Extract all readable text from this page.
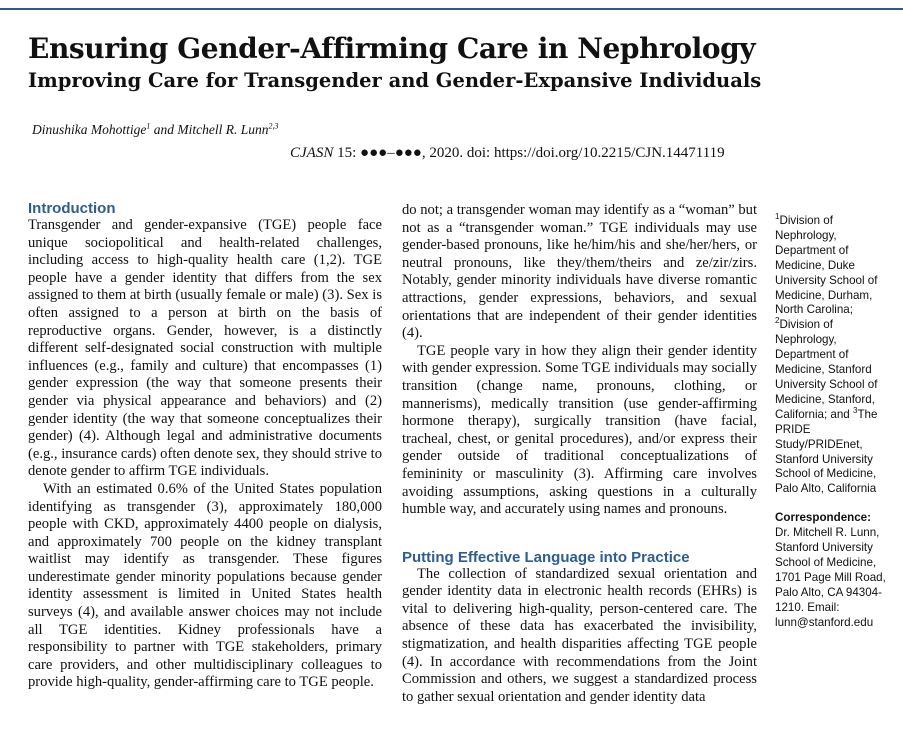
Ensuring Gender-Affirming Care in Nephrology
Improving Care for Transgender and Gender-Expansive Individuals
Dinushika Mohottige$^1$ and Mitchell R. Lunn$^{2,3}$
CJASN 15: ●●●–●●●, 2020. doi: https://doi.org/10.2215/CJN.14471119
Introduction

Transgender and gender-expansive (TGE) people face unique sociopolitical and health-related challenges, including access to high-quality health care (1,2). TGE people have a gender identity that differs from the sex assigned to them at birth (usually female or male) (3). Sex is often assigned to a person at birth on the basis of reproductive organs. Gender, however, is a distinctly different self-designated social construction with multiple influences (e.g., family and culture) that encompasses (1) gender expression (the way that someone presents their gender via physical appearance and behaviors) and (2) gender identity (the way that someone conceptualizes their gender) (4). Although legal and administrative documents (e.g., insurance cards) often denote sex, they should strive to denote gender to affirm TGE individuals.

With an estimated 0.6% of the United States population identifying as transgender (3), approximately 180,000 people with CKD, approximately 4400 people on dialysis, and approximately 700 people on the kidney transplant waitlist may identify as transgender. These figures underestimate gender minority populations because gender identity assessment is limited in United States health surveys (4), and available answer choices may not include all TGE identities. Kidney professionals have a responsibility to partner with TGE stakeholders, primary care providers, and other multidisciplinary colleagues to provide high-quality, gender-affirming care to TGE people.

do not; a transgender woman may identify as a “woman” but not as a “transgender woman.” TGE individuals may use gender-based pronouns, like he/him/his and she/her/hers, or neutral pronouns, like they/them/theirs and ze/zir/zirs. Notably, gender minority individuals have diverse romantic attractions, gender expressions, behaviors, and sexual orientations that are independent of their gender identities (4).

TGE people vary in how they align their gender identity with gender expression. Some TGE individuals may socially transition (change name, pronouns, clothing, or mannerisms), medically transition (use gender-affirming hormone therapy), surgically transition (have facial, tracheal, chest, or genital procedures), and/or express their gender outside of traditional conceptualizations of femininity or masculinity (3). Affirming care involves avoiding assumptions, asking questions in a culturally humble way, and accurately using names and pronouns.

Putting Effective Language into Practice

The collection of standardized sexual orientation and gender identity data in electronic health records (EHRs) is vital to delivering high-quality, person-centered care. The absence of these data has exacerbated the invisibility, stigmatization, and health disparities affecting TGE people (4). In accordance with recommendations from the Joint Commission and others, we suggest a standardized process to gather sexual orientation and gender identity data

$^1$Division of Nephrology, Department of Medicine, Duke University School of Medicine, Durham, North Carolina; $^2$Division of Nephrology, Department of Medicine, Stanford University School of Medicine, Stanford, California; and $^3$The PRIDE Study/PRIDEnet, Stanford University School of Medicine, Palo Alto, California
Correspondence:
Dr. Mitchell R. Lunn, Stanford University School of Medicine, 1701 Page Mill Road, Palo Alto, CA 94304-1210. Email: lunn@stanford.edu
